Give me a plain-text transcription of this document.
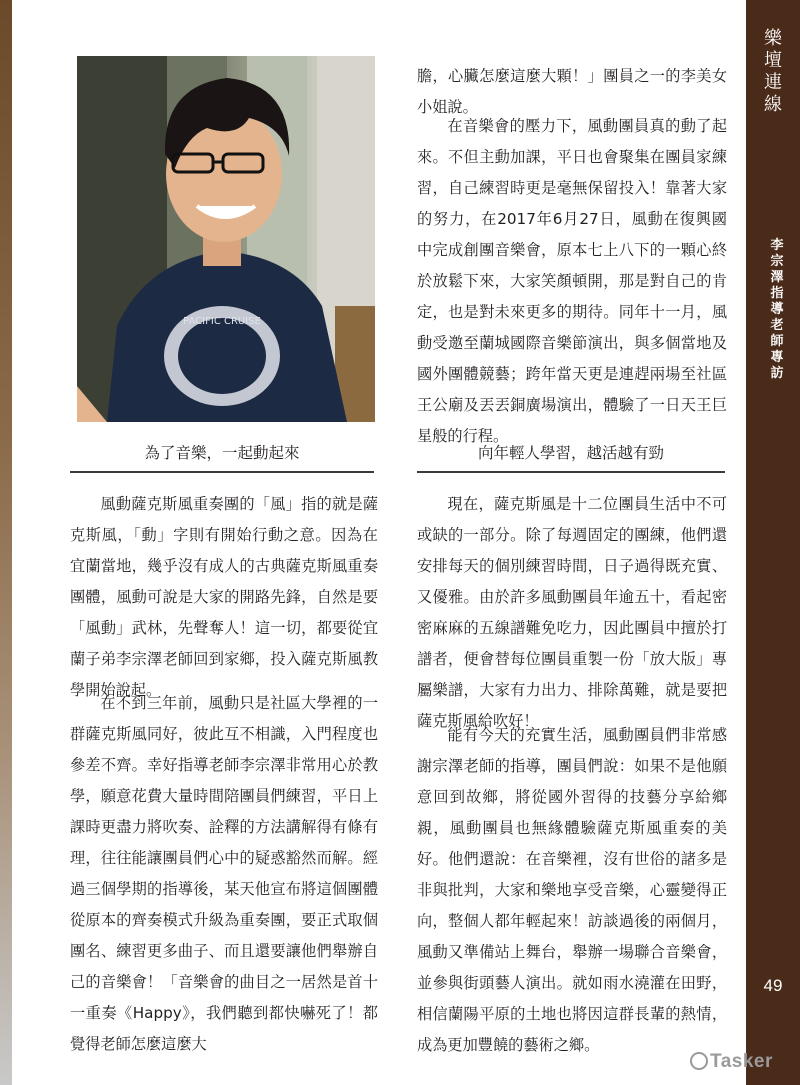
樂
壇
連
線
李
宗
澤
指
導
老
師
專
訪
49
PACIFIC CRUISE
為了音樂，一起動起來
風動薩克斯風重奏團的「風」指的就是薩克斯風，「動」字則有開始行動之意。因為在宜蘭當地，幾乎沒有成人的古典薩克斯風重奏團體，風動可說是大家的開路先鋒，自然是要「風動」武林，先聲奪人！這一切，都要從宜蘭子弟李宗澤老師回到家鄉，投入薩克斯風教學開始說起。
在不到三年前，風動只是社區大學裡的一群薩克斯風同好，彼此互不相識，入門程度也參差不齊。幸好指導老師李宗澤非常用心於教學，願意花費大量時間陪團員們練習，平日上課時更盡力將吹奏、詮釋的方法講解得有條有理，往往能讓團員們心中的疑惑豁然而解。經過三個學期的指導後，某天他宣布將這個團體從原本的齊奏模式升級為重奏團，要正式取個團名、練習更多曲子、而且還要讓他們舉辦自己的音樂會！「音樂會的曲目之一居然是首十一重奏《Happy》，我們聽到都快嚇死了！都覺得老師怎麼這麼大
膽，心臟怎麼這麼大顆！」團員之一的李美女小姐說。
在音樂會的壓力下，風動團員真的動了起來。不但主動加課，平日也會聚集在團員家練習，自己練習時更是毫無保留投入！靠著大家的努力，在2017年6月27日，風動在復興國中完成創團音樂會，原本七上八下的一顆心終於放鬆下來，大家笑顏頓開，那是對自己的肯定，也是對未來更多的期待。同年十一月，風動受邀至蘭城國際音樂節演出，與多個當地及國外團體競藝；跨年當天更是連趕兩場至社區王公廟及丟丟銅廣場演出，體驗了一日天王巨星般的行程。
向年輕人學習，越活越有勁
現在，薩克斯風是十二位團員生活中不可或缺的一部分。除了每週固定的團練，他們還安排每天的個別練習時間，日子過得既充實、又優雅。由於許多風動團員年逾五十，看起密密麻麻的五線譜難免吃力，因此團員中擅於打譜者，便會替每位團員重製一份「放大版」專屬樂譜，大家有力出力、排除萬難，就是要把薩克斯風給吹好！
能有今天的充實生活，風動團員們非常感謝宗澤老師的指導，團員們說：如果不是他願意回到故鄉，將從國外習得的技藝分享給鄉親，風動團員也無緣體驗薩克斯風重奏的美好。他們還說：在音樂裡，沒有世俗的諸多是非與批判，大家和樂地享受音樂，心靈變得正向，整個人都年輕起來！訪談過後的兩個月，風動又準備站上舞台，舉辦一場聯合音樂會，並參與街頭藝人演出。就如雨水澆灌在田野，相信蘭陽平原的土地也將因這群長輩的熱情，成為更加豐饒的藝術之鄉。
Tasker
